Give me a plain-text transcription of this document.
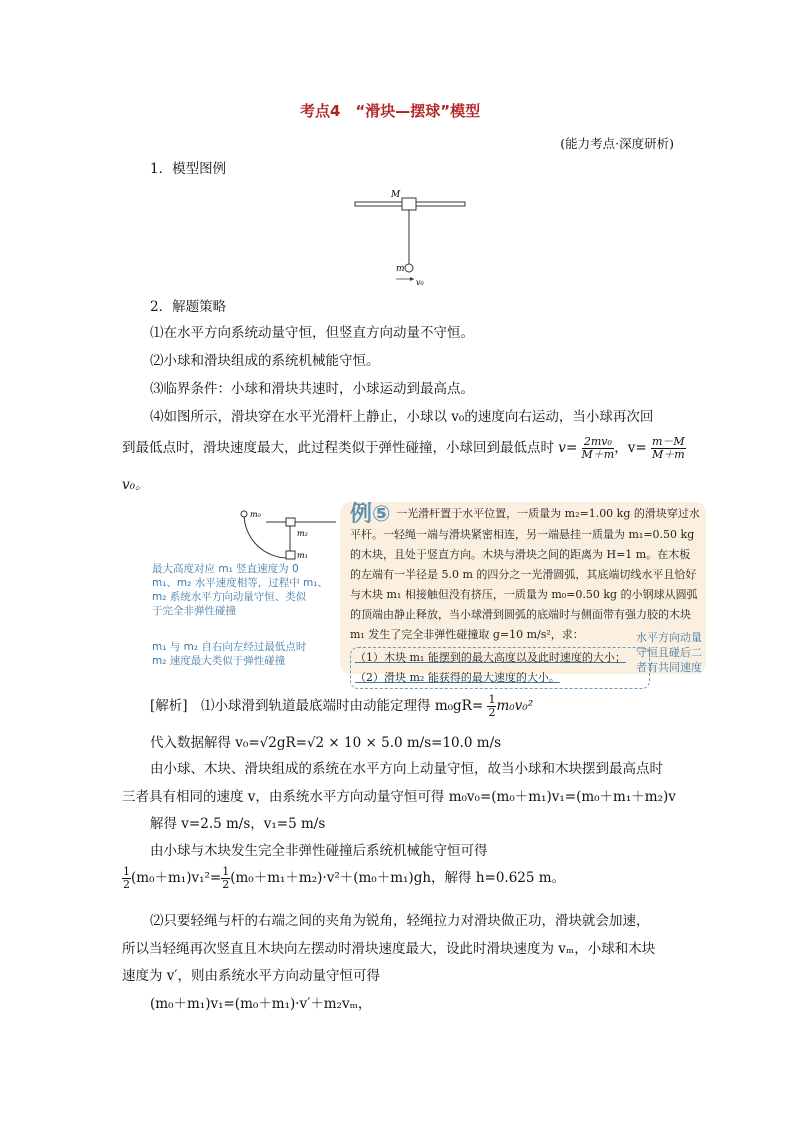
考点4　“滑块—摆球”模型
(能力考点·深度研析)
1．模型图例
M
m
v₀
2．解题策略
⑴在水平方向系统动量守恒，但竖直方向动量不守恒。
⑵小球和滑块组成的系统机械能守恒。
⑶临界条件：小球和滑块共速时，小球运动到最高点。
⑷如图所示，滑块穿在水平光滑杆上静止，小球以 v₀的速度向右运动，当小球再次回
到最低点时，滑块速度最大，此过程类似于弹性碰撞，小球回到最低点时 $v= \frac{\text{2mv₀}}{M+m}$ ，$v= \frac{m-M}{M+m}$
v₀。
m₀
m₂
m₁
最大高度对应 m₁ 竖直速度为 0
m₁、m₂ 水平速度相等，过程中 m₁、
m₂ 系统水平方向动量守恒、类似
于完全非弹性碰撞
m₁ 与 m₂ 自右向左经过最低点时
m₂ 速度最大类似于弹性碰撞
例⑤ 一光滑杆置于水平位置，一质量为 m₂=1.00 kg 的滑块穿过水平杆。一轻绳一端与滑块紧密相连，另一端悬挂一质量为 m₁=0.50 kg 的木块，且处于竖直方向。木块与滑块之间的距离为 H=1 m。在木板的左端有一半径是 5.0 m 的四分之一光滑圆弧，其底端切线水平且恰好与木块 m₁ 相接触但没有挤压，一质量为 m₀=0.50 kg 的小钢球从圆弧的顶端由静止释放，当小球滑到圆弧的底端时与侧面带有强力胶的木块 m₁ 发生了完全非弹性碰撞取 g=10 m/s²，求：
（1）木块 m₁ 能摆到的最大高度以及此时速度的大小；
（2）滑块 m₂ 能获得的最大速度的大小。
水平方向动量
守恒且碰后二
者有共同速度
[解析]　⑴小球滑到轨道最底端时由动能定理得 $m_0gR= \frac{1}{2} m_0v_0^2$
代入数据解得 v₀=√2gR=√2 × 10 × 5.0 m/s=10.0 m/s
由小球、木块、滑块组成的系统在水平方向上动量守恒，故当小球和木块摆到最高点时
三者具有相同的速度 v，由系统水平方向动量守恒可得 m₀v₀=(m₀＋m₁)v₁=(m₀＋m₁＋m₂)v
解得 v=2.5 m/s，v₁=5 m/s
由小球与木块发生完全非弹性碰撞后系统机械能守恒可得
$\frac{1}{2} (m_0+m_1)v_1^2= \frac{1}{2} (m_0+m_1+m_2)\cdot v^2+(m_0+m_1)gh$，解得 h=0.625 m。
⑵只要轻绳与杆的右端之间的夹角为锐角，轻绳拉力对滑块做正功，滑块就会加速，
所以当轻绳再次竖直且木块向左摆动时滑块速度最大，设此时滑块速度为 vₘ，小球和木块
速度为 v′，则由系统水平方向动量守恒可得
(m₀＋m₁)v₁=(m₀＋m₁)·v′＋m₂vₘ，
